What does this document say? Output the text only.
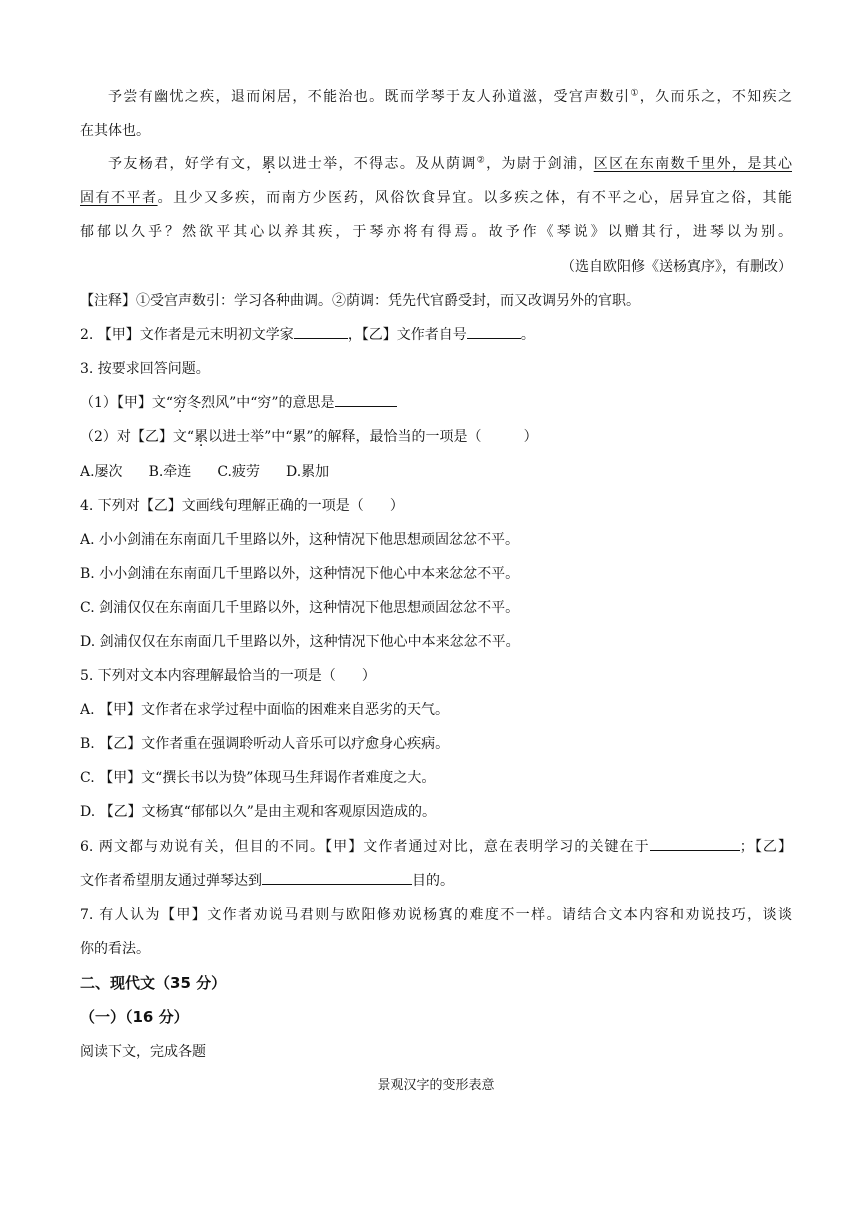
予尝有幽忧之疾，退而闲居，不能治也。既而学琴于友人孙道滋，受宫声数引①，久而乐之，不知疾之
在其体也。
予友杨君，好学有文，累以进士举，不得志。及从荫调②，为尉于剑浦，区区在东南数千里外，是其心
固有不平者。且少又多疾，而南方少医药，风俗饮食异宜。以多疾之体，有不平之心，居异宜之俗，其能
郁郁以久乎？然欲平其心以养其疾，于琴亦将有得焉。故予作《琴说》以赠其行，进琴以为别。
（选自欧阳修《送杨寘序》，有删改）
【注释】①受宫声数引：学习各种曲调。②荫调：凭先代官爵受封，而又改调另外的官职。
2. 【甲】文作者是元末明初文学家	，【乙】文作者自号	。
3. 按要求回答问题。
（1）【甲】文“穷冬烈风”中“穷”的意思是
（2）对【乙】文“累以进士举”中“累”的解释，最恰当的一项是（	）
A.屡次 B.牵连 C.疲劳 D.累加
4. 下列对【乙】文画线句理解正确的一项是（ ）
A. 小小剑浦在东南面几千里路以外，这种情况下他思想顽固忿忿不平。
B. 小小剑浦在东南面几千里路以外，这种情况下他心中本来忿忿不平。
C. 剑浦仅仅在东南面几千里路以外，这种情况下他思想顽固忿忿不平。
D. 剑浦仅仅在东南面几千里路以外，这种情况下他心中本来忿忿不平。
5. 下列对文本内容理解最恰当的一项是（ ）
A. 【甲】文作者在求学过程中面临的困难来自恶劣的天气。
B. 【乙】文作者重在强调聆听动人音乐可以疗愈身心疾病。
C. 【甲】文“撰长书以为贽”体现马生拜谒作者难度之大。
D. 【乙】文杨寘“郁郁以久”是由主观和客观原因造成的。
6. 两文都与劝说有关，但目的不同。【甲】文作者通过对比，意在表明学习的关键在于	；【乙】
文作者希望朋友通过弹琴达到	目的。
7. 有人认为【甲】文作者劝说马君则与欧阳修劝说杨寘的难度不一样。请结合文本内容和劝说技巧，谈谈
你的看法。
二、现代文（35 分）
（一）（16 分）
阅读下文，完成各题
景观汉字的变形表意
